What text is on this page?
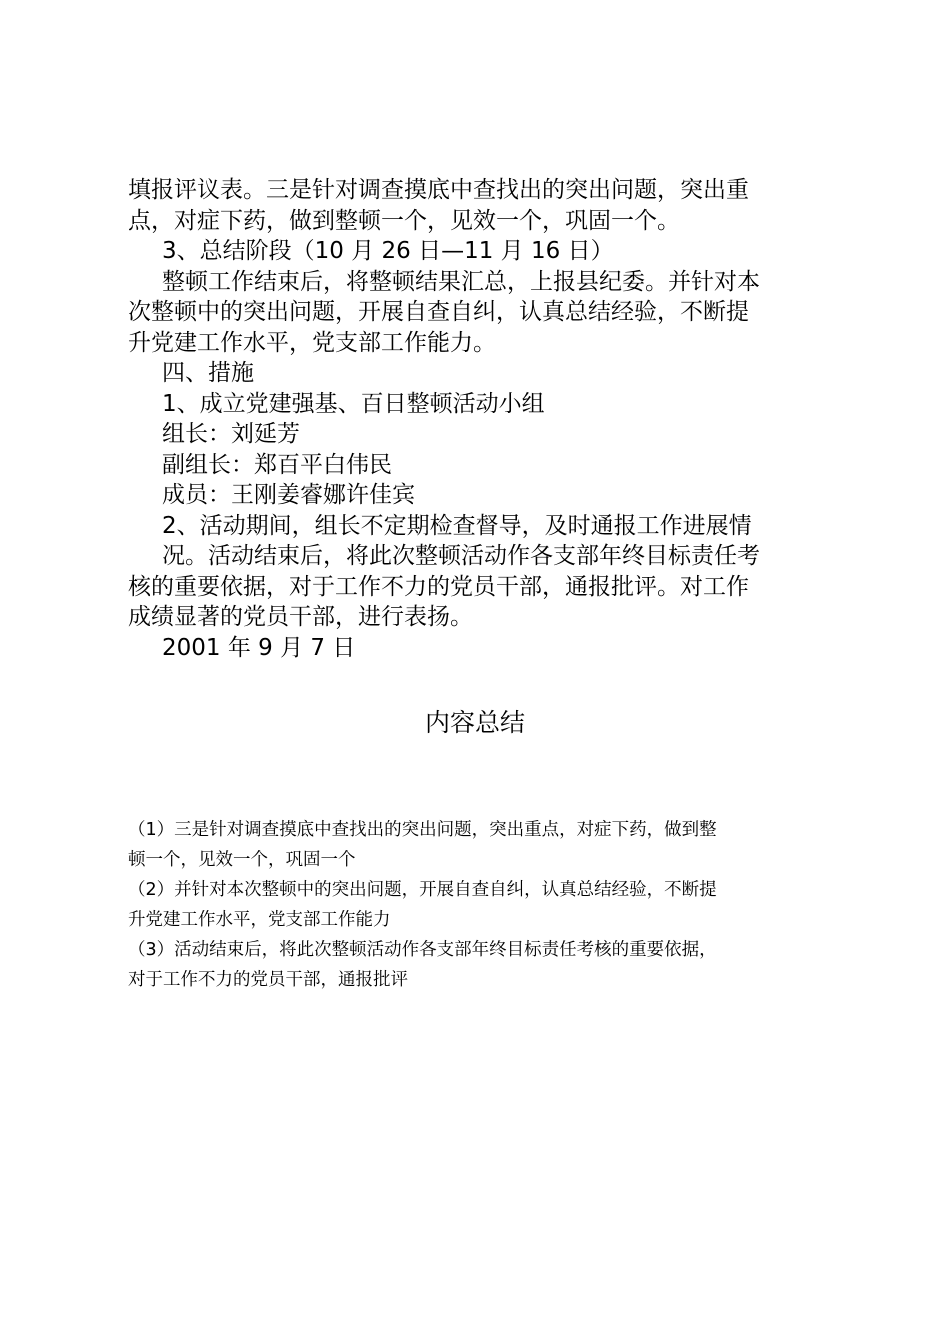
填报评议表。三是针对调查摸底中查找出的突出问题，突出重

点，对症下药，做到整顿一个，见效一个，巩固一个。

3、总结阶段（10 月 26 日—11 月 16 日）

整顿工作结束后，将整顿结果汇总，上报县纪委。并针对本

次整顿中的突出问题，开展自查自纠，认真总结经验，不断提

升党建工作水平，党支部工作能力。

四、措施

1、成立党建强基、百日整顿活动小组

组长：刘延芳

副组长：郑百平白伟民

成员：王刚姜睿娜许佳宾

2、活动期间，组长不定期检查督导，及时通报工作进展情

况。活动结束后，将此次整顿活动作各支部年终目标责任考

核的重要依据，对于工作不力的党员干部，通报批评。对工作

成绩显著的党员干部，进行表扬。

2001 年 9 月 7 日

内容总结

（1）三是针对调查摸底中查找出的突出问题，突出重点，对症下药，做到整

顿一个，见效一个，巩固一个

（2）并针对本次整顿中的突出问题，开展自查自纠，认真总结经验，不断提

升党建工作水平，党支部工作能力

（3）活动结束后，将此次整顿活动作各支部年终目标责任考核的重要依据，

对于工作不力的党员干部，通报批评
